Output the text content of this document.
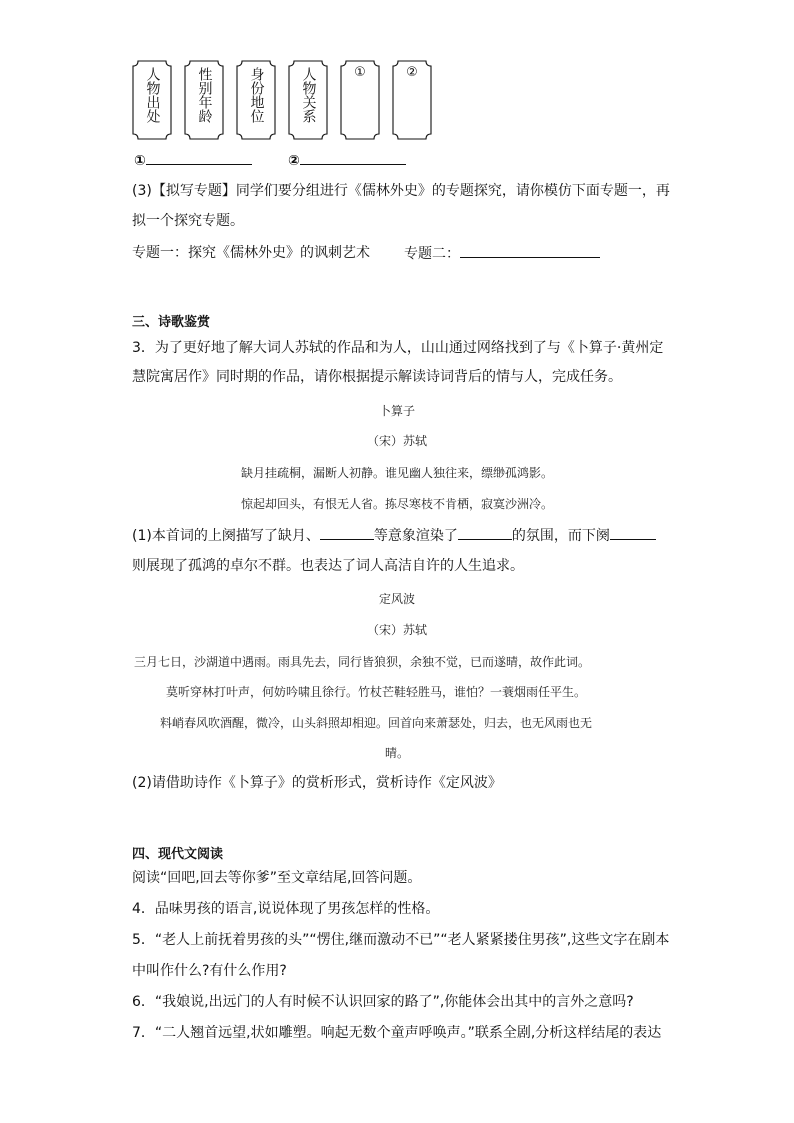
人物出处	性别年龄	身份地位	人物关系	①	②
①	②
(3)【拟写专题】同学们要分组进行《儒林外史》的专题探究，请你模仿下面专题一，再
拟一个探究专题。
专题一：探究《儒林外史》的讽刺艺术 专题二：
三、诗歌鉴赏
3．为了更好地了解大词人苏轼的作品和为人，山山通过网络找到了与《卜算子·黄州定
慧院寓居作》同时期的作品，请你根据提示解读诗词背后的情与人，完成任务。
卜算子
（宋）苏轼
缺月挂疏桐，漏断人初静。谁见幽人独往来，缥缈孤鸿影。
惊起却回头，有恨无人省。拣尽寒枝不肯栖，寂寞沙洲冷。
(1)本首词的上阕描写了缺月、	等意象渲染了	的氛围，而下阕
则展现了孤鸿的卓尔不群。也表达了词人高洁自许的人生追求。
定风波
（宋）苏轼
三月七日，沙湖道中遇雨。雨具先去，同行皆狼狈，余独不觉，已而遂晴，故作此词。
莫听穿林打叶声，何妨吟啸且徐行。竹杖芒鞋轻胜马，谁怕？一蓑烟雨任平生。
料峭春风吹酒醒，微冷，山头斜照却相迎。回首向来萧瑟处，归去，也无风雨也无
晴。
(2)请借助诗作《卜算子》的赏析形式，赏析诗作《定风波》
四、现代文阅读
阅读“回吧,回去等你爹”至文章结尾,回答问题。
4．品味男孩的语言,说说体现了男孩怎样的性格。
5．“老人上前抚着男孩的头”“愣住,继而激动不已”“老人紧紧搂住男孩”,这些文字在剧本
中叫作什么?有什么作用?
6．“我娘说,出远门的人有时候不认识回家的路了”,你能体会出其中的言外之意吗?
7．“二人翘首远望,状如雕塑。响起无数个童声呼唤声。”联系全剧,分析这样结尾的表达
